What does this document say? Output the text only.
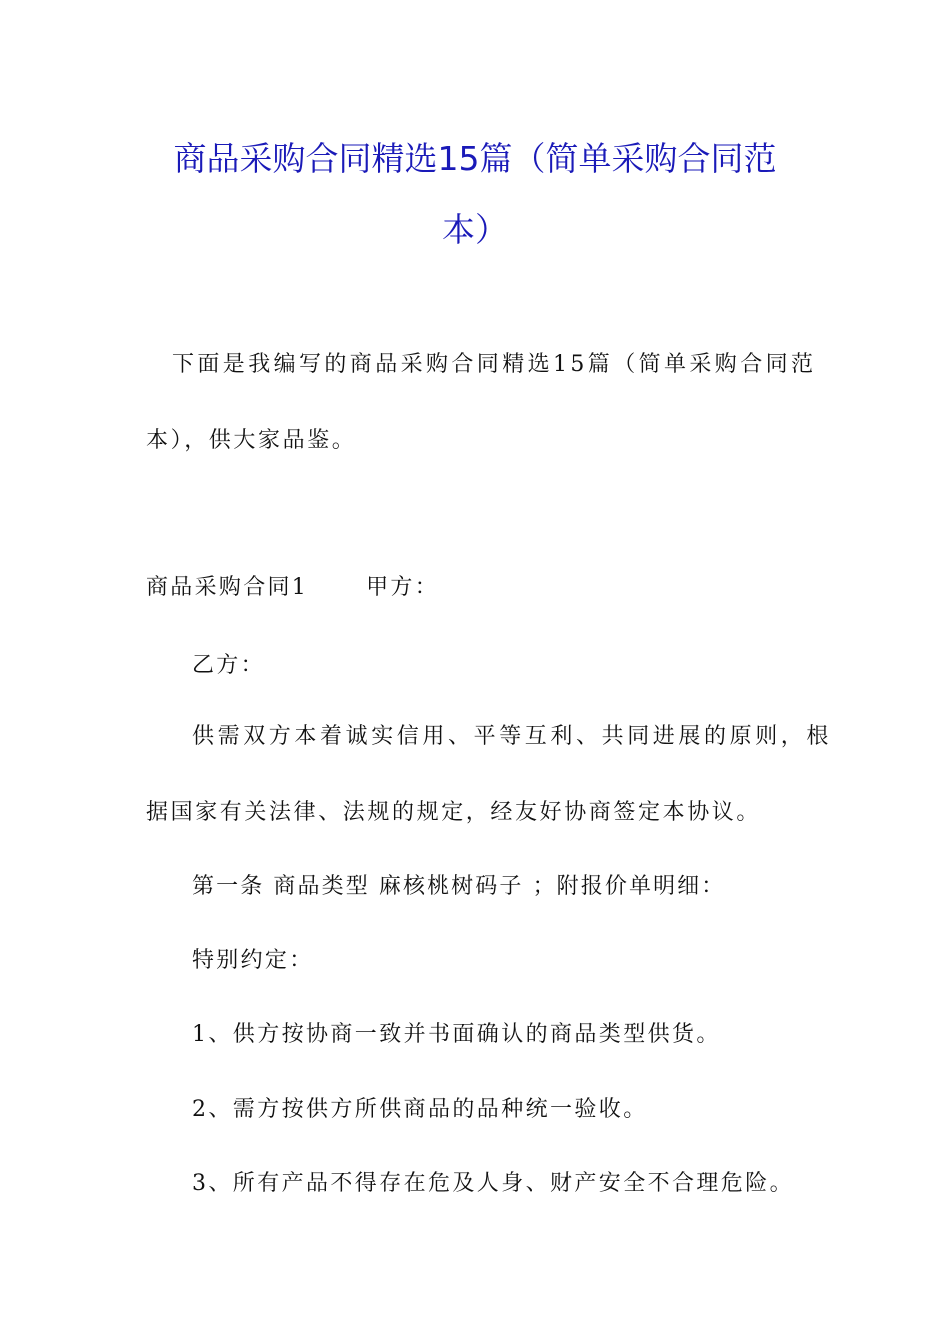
商品采购合同精选15篇（简单采购合同范
本）
下面是我编写的商品采购合同精选15篇（简单采购合同范
本），供大家品鉴。
商品采购合同1	甲方：
乙方：
供需双方本着诚实信用、平等互利、共同进展的原则，根
据国家有关法律、法规的规定，经友好协商签定本协议。
第一条 商品类型 麻核桃树码子 ；附报价单明细：
特别约定：
1、供方按协商一致并书面确认的商品类型供货。
2、需方按供方所供商品的品种统一验收。
3、所有产品不得存在危及人身、财产安全不合理危险。
